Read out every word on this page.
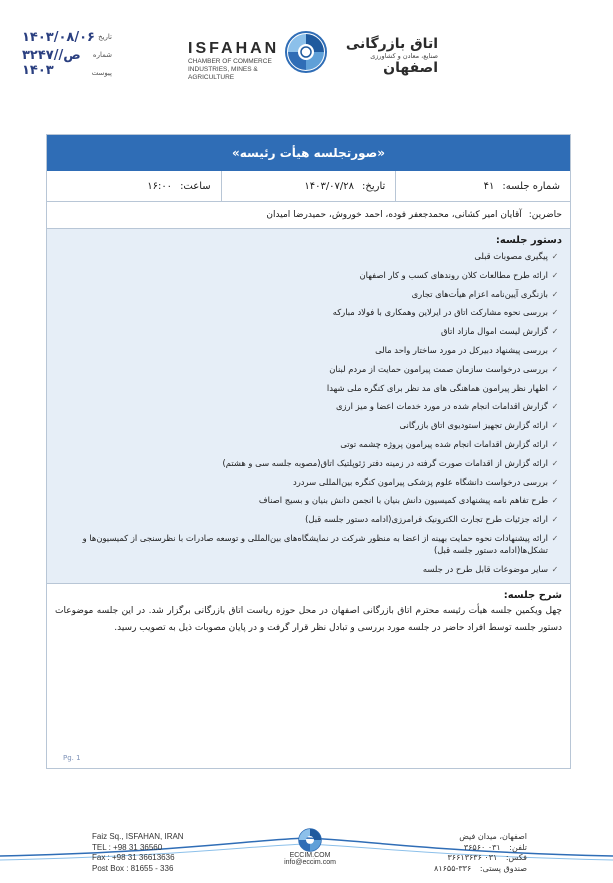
۱۴۰۳/۰۸/۰۶ تاریخ
۳۲۴۷/ص/۱۴۰۳
شماره
پیوست
ISFAHAN
CHAMBER OF COMMERCE
INDUSTRIES, MINES & AGRICULTURE
اتاق بازرگانی
صنایع، معادن و کشاورزی
اصفهان
«صورتجلسه هیأت رئیسه»
شماره جلسه:
۴۱
تاریخ:
۱۴۰۳/۰۷/۲۸
ساعت:
۱۶:۰۰
حاضرین: آقایان امیر کشانی، محمدجعفر فوده، احمد خوروش، حمیدرضا امیدان
دستور جلسه:
✓
پیگیری مصوبات قبلی
✓
ارائه طرح مطالعات کلان روندهای کسب و کار اصفهان
✓
بازنگری آیین‌نامه اعزام هیأت‌های تجاری
✓
بررسی نحوه مشارکت اتاق در ایرلاین وهمکاری با فولاد مبارکه
✓
گزارش لیست اموال مازاد اتاق
✓
بررسی پیشنهاد دبیرکل در مورد ساختار واحد مالی
✓
بررسی درخواست سازمان صمت پیرامون حمایت از مردم لبنان
✓
اظهار نظر پیرامون هماهنگی های مد نظر برای کنگره ملی شهدا
✓
گزارش اقدامات انجام شده در مورد خدمات اعضا و میز ارزی
✓
ارائه گزارش تجهیز استودیوی اتاق بازرگانی
✓
ارائه گزارش اقدامات انجام شده پیرامون پروژه چشمه توتی
✓
ارائه گزارش از اقدامات صورت گرفته در زمینه دفتر ژئوپلتیک اتاق(مصوبه جلسه سی و هشتم)
✓
بررسی درخواست دانشگاه علوم پزشکی پیرامون کنگره بین‌المللی سردرد
✓
طرح تفاهم نامه پیشنهادی کمیسیون دانش بنیان با انجمن دانش بنیان و بسیج اصناف
✓
ارائه جزئیات طرح تجارت الکترونیک فرامرزی(ادامه دستور جلسه قبل)
✓
ارائه پیشنهادات نحوه حمایت بهینه از اعضا به منظور شرکت در نمایشگاه‌های بین‌المللی و توسعه صادرات با نظرسنجی از کمیسیون‌ها و تشکل‌ها(ادامه دستور جلسه قبل)
✓
سایر موضوعات قابل طرح در جلسه
شرح جلسه:

چهل ویکمین جلسه هیأت رئیسه محترم اتاق بازرگانی اصفهان در محل حوزه ریاست اتاق بازرگانی برگزار شد. در این جلسه موضوعات دستور جلسه توسط افراد حاضر در جلسه مورد بررسی و تبادل نظر قرار گرفت و در پایان مصوبات ذیل به تصویب رسید.

Pg. 1
Faiz Sq., ISFAHAN, IRAN
TEL : +98 31 36560
Fax : +98 31 36613636
Post Box : 81655 - 336
ECCIM.COM
info@eccim.com
اصفهان، میدان فیض
تلفن: ۳۶۵۶۰ ۰۳۱
فکس: ۳۶۶۱۳۶۳۶ ۰۳۱
صندوق پستی: ۸۱۶۵۵-۳۳۶
